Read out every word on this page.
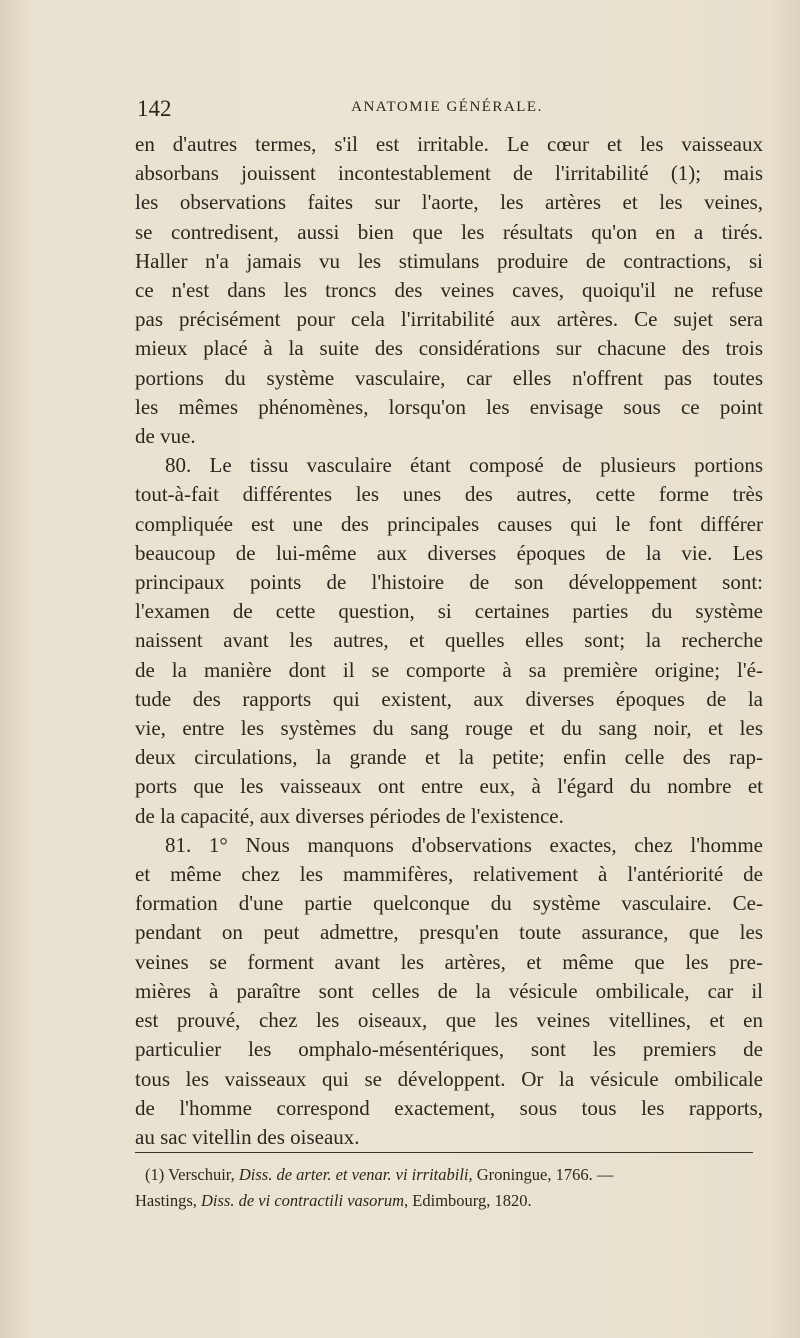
142	ANATOMIE GÉNÉRALE.
en d'autres termes, s'il est irritable. Le cœur et les vaisseaux
absorbans jouissent incontestablement de l'irritabilité (1); mais
les observations faites sur l'aorte, les artères et les veines,
se contredisent, aussi bien que les résultats qu'on en a tirés.
Haller n'a jamais vu les stimulans produire de contractions, si
ce n'est dans les troncs des veines caves, quoiqu'il ne refuse
pas précisément pour cela l'irritabilité aux artères. Ce sujet sera
mieux placé à la suite des considérations sur chacune des trois
portions du système vasculaire, car elles n'offrent pas toutes
les mêmes phénomènes, lorsqu'on les envisage sous ce point
de vue.
80. Le tissu vasculaire étant composé de plusieurs portions
tout-à-fait différentes les unes des autres, cette forme très
compliquée est une des principales causes qui le font différer
beaucoup de lui-même aux diverses époques de la vie. Les
principaux points de l'histoire de son développement sont:
l'examen de cette question, si certaines parties du système
naissent avant les autres, et quelles elles sont; la recherche
de la manière dont il se comporte à sa première origine; l'é-
tude des rapports qui existent, aux diverses époques de la
vie, entre les systèmes du sang rouge et du sang noir, et les
deux circulations, la grande et la petite; enfin celle des rap-
ports que les vaisseaux ont entre eux, à l'égard du nombre et
de la capacité, aux diverses périodes de l'existence.
81. 1° Nous manquons d'observations exactes, chez l'homme
et même chez les mammifères, relativement à l'antériorité de
formation d'une partie quelconque du système vasculaire. Ce-
pendant on peut admettre, presqu'en toute assurance, que les
veines se forment avant les artères, et même que les pre-
mières à paraître sont celles de la vésicule ombilicale, car il
est prouvé, chez les oiseaux, que les veines vitellines, et en
particulier les omphalo-mésentériques, sont les premiers de
tous les vaisseaux qui se développent. Or la vésicule ombilicale
de l'homme correspond exactement, sous tous les rapports,
au sac vitellin des oiseaux.
(1) Verschuir, Diss. de arter. et venar. vi irritabili, Groningue, 1766. —
Hastings, Diss. de vi contractili vasorum, Edimbourg, 1820.
